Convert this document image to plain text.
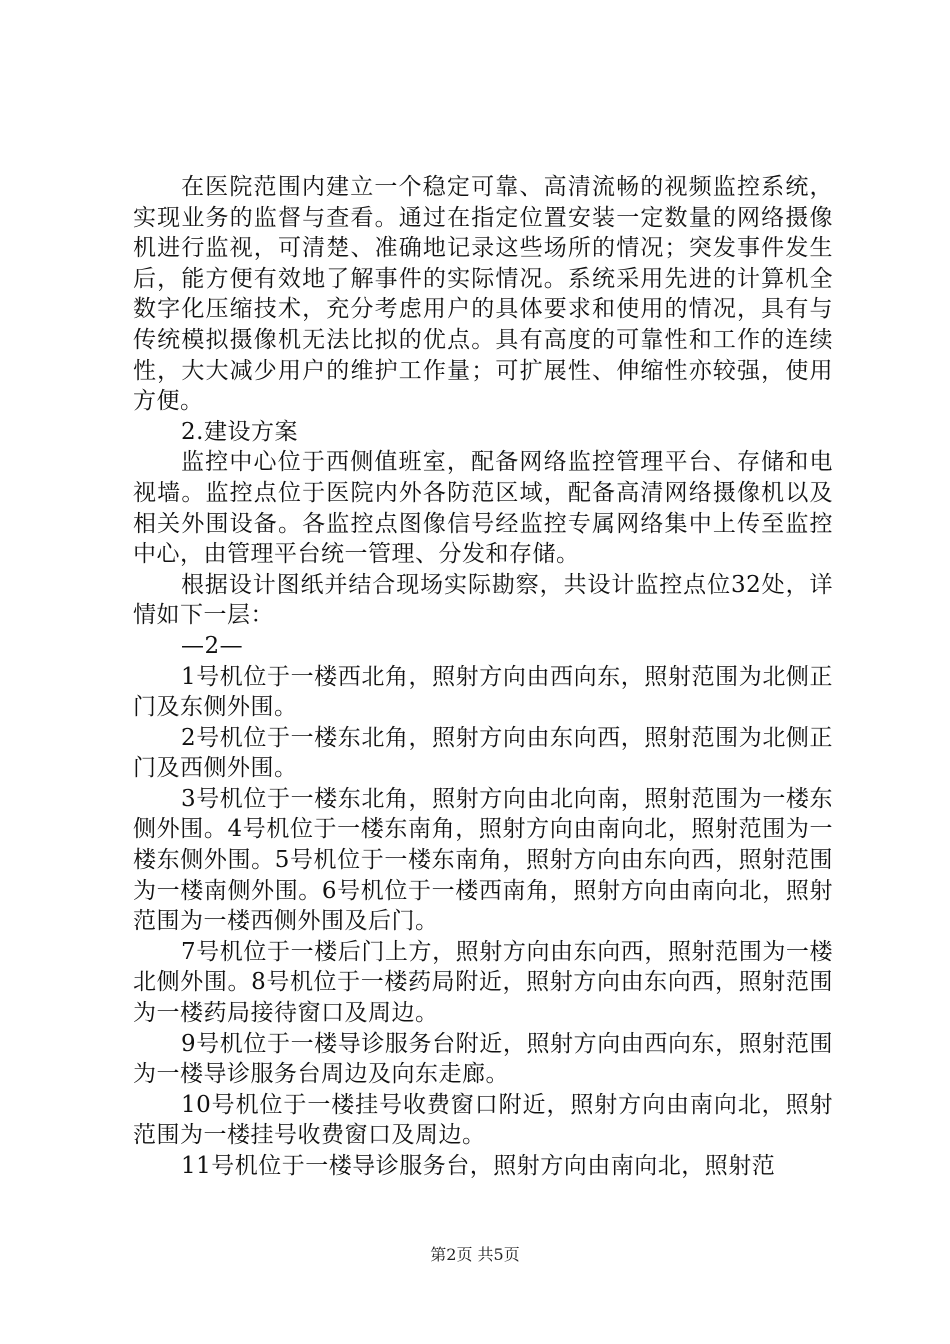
在医院范围内建立一个稳定可靠、高清流畅的视频监控系统，实现业务的监督与查看。通过在指定位置安装一定数量的网络摄像机进行监视，可清楚、准确地记录这些场所的情况；突发事件发生后，能方便有效地了解事件的实际情况。系统采用先进的计算机全数字化压缩技术，充分考虑用户的具体要求和使用的情况，具有与传统模拟摄像机无法比拟的优点。具有高度的可靠性和工作的连续性，大大减少用户的维护工作量；可扩展性、伸缩性亦较强，使用方便。

2.建设方案

监控中心位于西侧值班室，配备网络监控管理平台、存储和电视墙。监控点位于医院内外各防范区域，配备高清网络摄像机以及相关外围设备。各监控点图像信号经监控专属网络集中上传至监控中心，由管理平台统一管理、分发和存储。

根据设计图纸并结合现场实际勘察，共设计监控点位32处，详情如下一层：

—2—

1号机位于一楼西北角，照射方向由西向东，照射范围为北侧正门及东侧外围。

2号机位于一楼东北角，照射方向由东向西，照射范围为北侧正门及西侧外围。

3号机位于一楼东北角，照射方向由北向南，照射范围为一楼东侧外围。4号机位于一楼东南角，照射方向由南向北，照射范围为一楼东侧外围。5号机位于一楼东南角，照射方向由东向西，照射范围为一楼南侧外围。6号机位于一楼西南角，照射方向由南向北，照射范围为一楼西侧外围及后门。

7号机位于一楼后门上方，照射方向由东向西，照射范围为一楼北侧外围。8号机位于一楼药局附近，照射方向由东向西，照射范围为一楼药局接待窗口及周边。

9号机位于一楼导诊服务台附近，照射方向由西向东，照射范围为一楼导诊服务台周边及向东走廊。

10号机位于一楼挂号收费窗口附近，照射方向由南向北，照射范围为一楼挂号收费窗口及周边。

11号机位于一楼导诊服务台，照射方向由南向北，照射范

第2页 共5页
